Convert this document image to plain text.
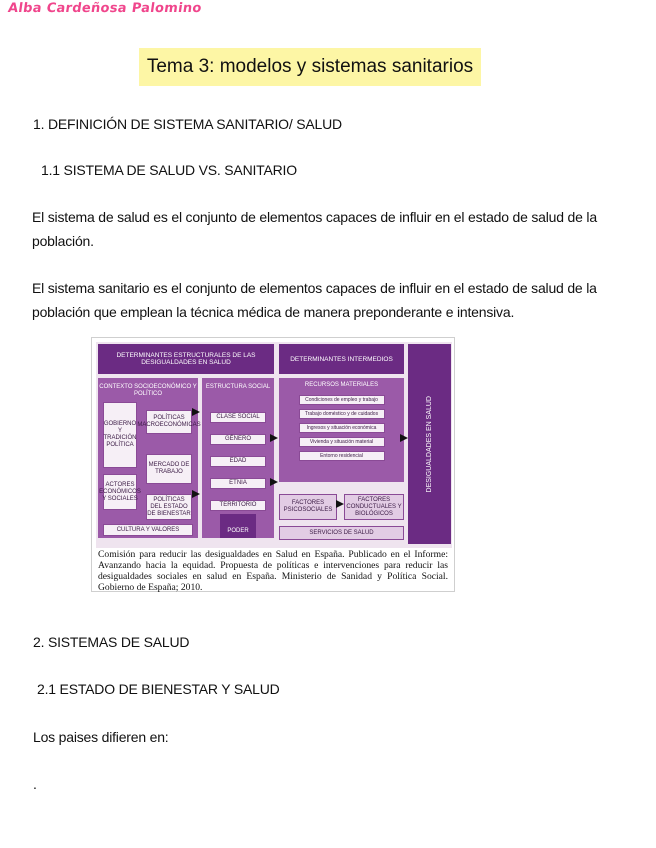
Alba Cardeñosa Palomino
Tema 3: modelos y sistemas sanitarios
1. DEFINICIÓN DE SISTEMA SANITARIO/ SALUD
1.1 SISTEMA DE SALUD VS. SANITARIO
El sistema de salud es el conjunto de elementos capaces de influir en el estado de salud de la población.
El sistema sanitario es el conjunto de elementos capaces de influir en el estado de salud de la población que emplean la técnica médica de manera preponderante e intensiva.
DETERMINANTES ESTRUCTURALES DE LAS DESIGUALDADES EN SALUD	DETERMINANTES INTERMEDIOS
DESIGUALDADES EN SALUD
CONTEXTO SOCIOECONÓMICO Y POLÍTICO
GOBIERNO Y TRADICIÓN POLÍTICA
ACTORES ECONÓMICOS Y SOCIALES
POLÍTICAS MACROECONÓMICAS
MERCADO DE TRABAJO
POLÍTICAS DEL ESTADO DE BIENESTAR
CULTURA Y VALORES
ESTRUCTURA SOCIAL
CLASE SOCIAL
GÉNERO
EDAD
ETNIA
TERRITORIO
PODER
RECURSOS MATERIALES
Condiciones de empleo y trabajo
Trabajo doméstico y de cuidados
Ingresos y situación económica
Vivienda y situación material
Entorno residencial
FACTORES PSICOSOCIALES
FACTORES CONDUCTUALES Y BIOLÓGICOS
SERVICIOS DE SALUD
Comisión para reducir las desigualdades en Salud en España. Publicado en el Informe: Avanzando hacia la equidad. Propuesta de políticas e intervenciones para reducir las desigualdades sociales en salud en España. Ministerio de Sanidad y Política Social. Gobierno de España; 2010.
2. SISTEMAS DE SALUD
2.1 ESTADO DE BIENESTAR Y SALUD
Los paises difieren en:
.
